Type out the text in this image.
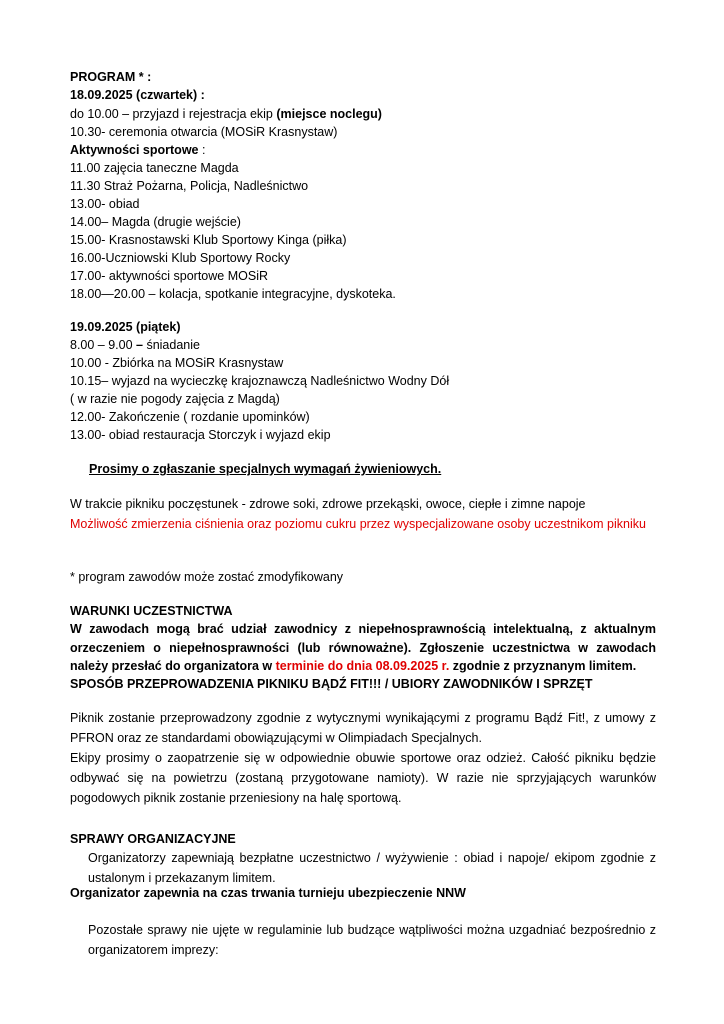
PROGRAM * :
18.09.2025 (czwartek) :
do 10.00 – przyjazd i rejestracja ekip (miejsce noclegu)
10.30- ceremonia otwarcia (MOSiR Krasnystaw)
Aktywności sportowe :
11.00 zajęcia taneczne Magda
11.30 Straż Pożarna, Policja, Nadleśnictwo
13.00- obiad
14.00– Magda (drugie wejście)
15.00- Krasnostawski Klub Sportowy Kinga (piłka)
16.00-Uczniowski Klub Sportowy Rocky
17.00- aktywności sportowe MOSiR
18.00—20.00 – kolacja, spotkanie integracyjne, dyskoteka.
19.09.2025 (piątek)
8.00 – 9.00 – śniadanie
10.00 - Zbiórka na MOSiR Krasnystaw
10.15– wyjazd na wycieczkę krajoznawczą Nadleśnictwo Wodny Dół
( w razie nie pogody zajęcia z Magdą)
12.00- Zakończenie ( rozdanie upominków)
13.00- obiad restauracja Storczyk i wyjazd ekip
Prosimy o zgłaszanie specjalnych wymagań żywieniowych.
W trakcie pikniku poczęstunek - zdrowe soki, zdrowe przekąski, owoce, ciepłe i zimne napoje
Możliwość zmierzenia ciśnienia oraz poziomu cukru przez wyspecjalizowane osoby uczestnikom pikniku
* program zawodów może zostać zmodyfikowany
WARUNKI UCZESTNICTWA
W zawodach mogą brać udział zawodnicy z niepełnosprawnością intelektualną, z aktualnym orzeczeniem o niepełnosprawności (lub równoważne). Zgłoszenie uczestnictwa w zawodach należy przesłać do organizatora w terminie do dnia 08.09.2025 r. zgodnie z przyznanym limitem.
SPOSÓB PRZEPROWADZENIA PIKNIKU BĄDŹ FIT!!! / UBIORY ZAWODNIKÓW I SPRZĘT
Piknik zostanie przeprowadzony zgodnie z wytycznymi wynikającymi z programu Bądź Fit!, z umowy z PFRON oraz ze standardami obowiązującymi w Olimpiadach Specjalnych.
Ekipy prosimy o zaopatrzenie się w odpowiednie obuwie sportowe oraz odzież. Całość pikniku będzie odbywać się na powietrzu (zostaną przygotowane namioty). W razie nie sprzyjających warunków pogodowych piknik zostanie przeniesiony na halę sportową.
SPRAWY ORGANIZACYJNE
Organizatorzy zapewniają bezpłatne uczestnictwo / wyżywienie : obiad i napoje/ ekipom zgodnie z ustalonym i przekazanym limitem.
Organizator zapewnia na czas trwania turnieju ubezpieczenie NNW
Pozostałe sprawy nie ujęte w regulaminie lub budzące wątpliwości można uzgadniać bezpośrednio z organizatorem imprezy:
